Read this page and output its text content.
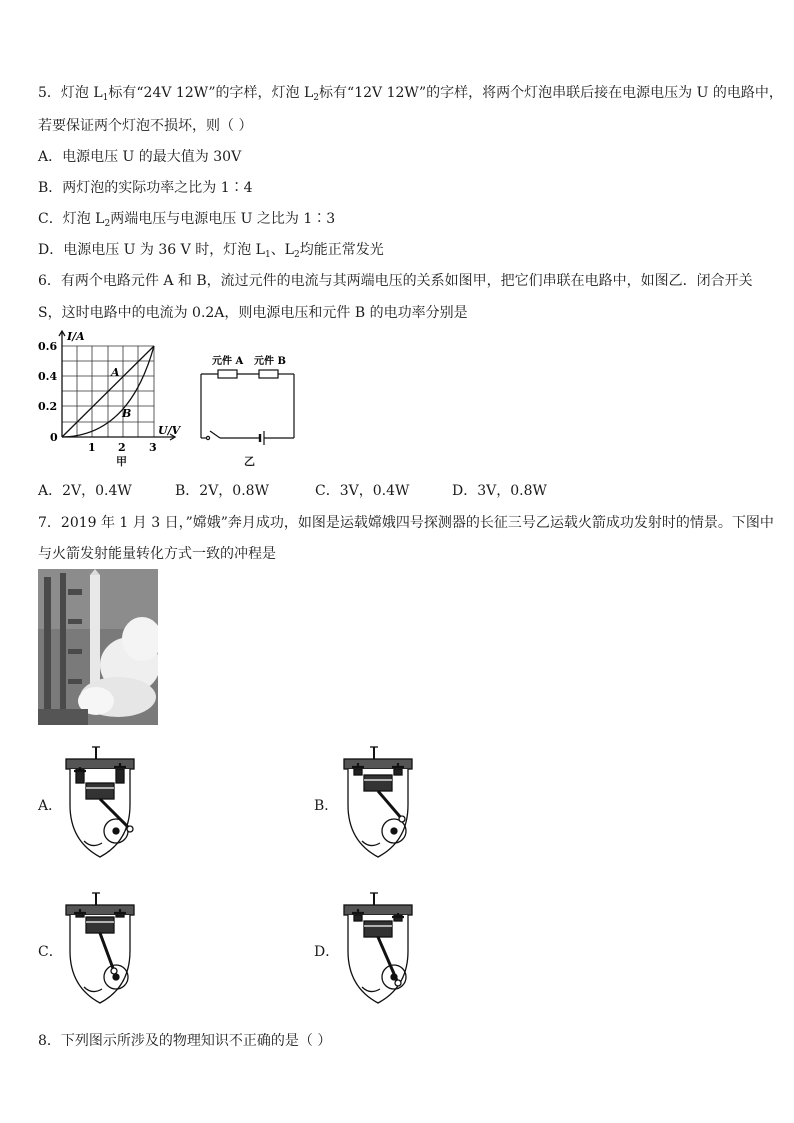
5．灯泡 $L_1$标有“24V 12W”的字样，灯泡 $L_2$标有“12V 12W”的字样，将两个灯泡串联后接在电源电压为 U 的电路中，
若要保证两个灯泡不损坏，则（ ）
A．电源电压 U 的最大值为 30V
B．两灯泡的实际功率之比为 1∶4
C．灯泡 $L_2$两端电压与电源电压 U 之比为 1∶3
D．电源电压 U 为 36 V 时，灯泡 $L_1$、$L_2$均能正常发光
6．有两个电路元件 A 和 B，流过元件的电流与其两端电压的关系如图甲，把它们串联在电路中，如图乙．闭合开关
S，这时电路中的电流为 0.2A，则电源电压和元件 B 的电功率分别是
I/A
0.6
0.4
0.2
0
1 2 3
U/V
A
B
甲
元件 A 元件 B
乙
A．2V，0.4W	B．2V，0.8W	C．3V，0.4W	D．3V，0.8W
7．2019 年 1 月 3 日，”嫦娥”奔月成功，如图是运载嫦娥四号探测器的长征三号乙运载火箭成功发射时的情景。下图中
与火箭发射能量转化方式一致的冲程是
A．	B．
C．	D．
8．下列图示所涉及的物理知识不正确的是（ ）
